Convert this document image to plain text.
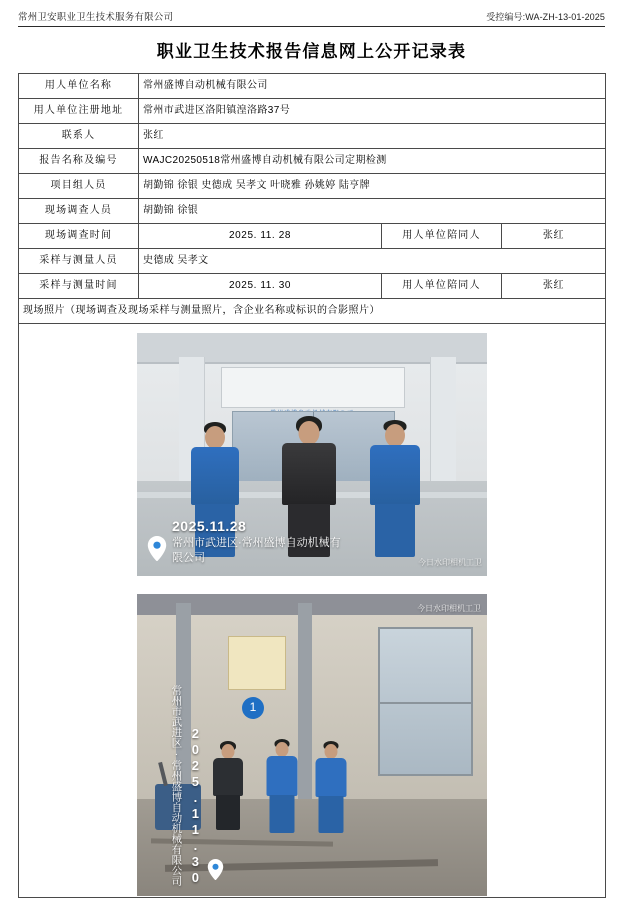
常州卫安职业卫生技术服务有限公司	受控编号:WA-ZH-13-01-2025
职业卫生技术报告信息网上公开记录表
用人单位名称	常州盛博自动机械有限公司		
用人单位注册地址	常州市武进区洛阳镇湟洛路37号		
联系人	张红		
报告名称及编号	WAJC20250518常州盛博自动机械有限公司定期检测		
项目组人员	胡勤锦 徐银 史德成 吴孝文 叶晓雅 孙姚婷 陆亨牌		
现场调查人员	胡勤锦 徐银		
现场调查时间	2025. 11. 28	用人单位陪同人	张红
采样与测量人员	史德成 吴孝文		
采样与测量时间	2025. 11. 30	用人单位陪同人	张红
现场照片（现场调查及现场采样与测量照片，含企业名称或标识的合影照片）			

2025.11.28
常州市武进区·常州盛博自动机械有限公司	今日水印相机工卫
1
常州市武进区·常州盛博自动机械有限公司 2025.11.30
今日水印相机工卫
